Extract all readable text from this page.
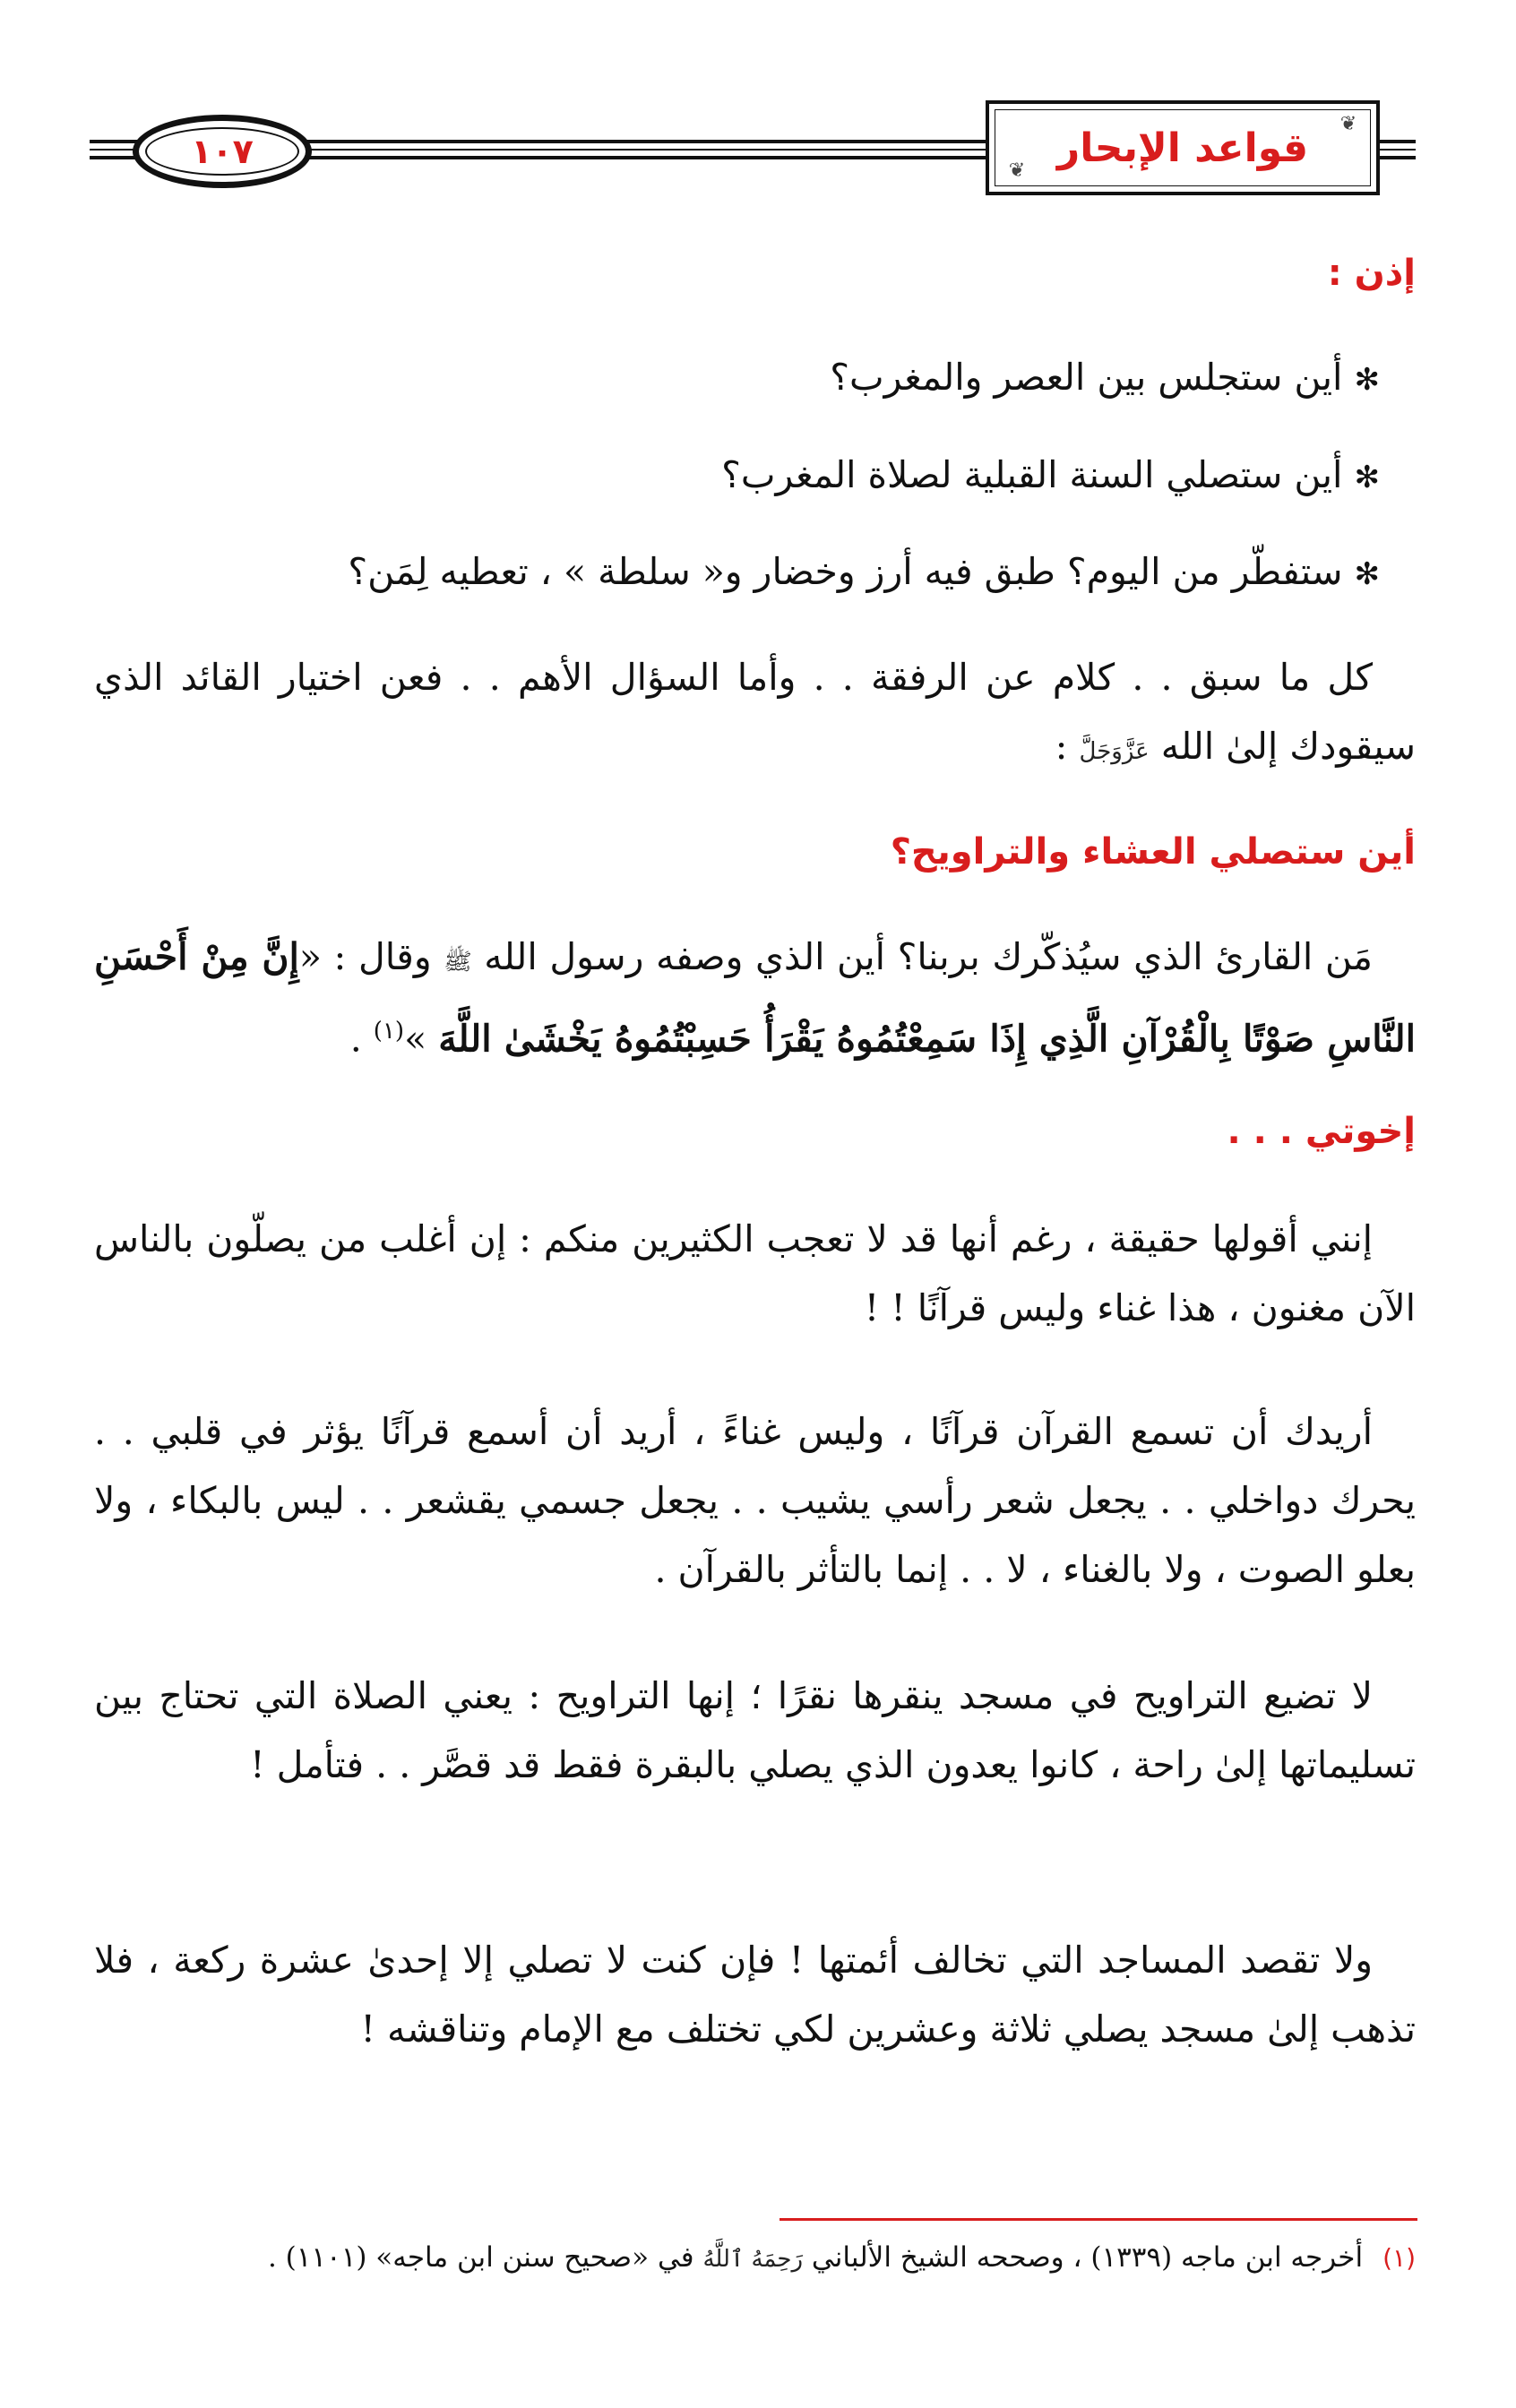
١٠٧
❦
❦ قواعد الإبحار
إذن :
✻ أين ستجلس بين العصر والمغرب؟
✻ أين ستصلي السنة القبلية لصلاة المغرب؟
✻ ستفطّر من اليوم؟ طبق فيه أرز وخضار و« سلطة » ، تعطيه لِمَن؟
كل ما سبق . . كلام عن الرفقة . . وأما السؤال الأهم . . فعن اختيار القائد الذي سيقودك إلىٰ الله عَزَّوَجَلَّ :
أين ستصلي العشاء والتراويح؟
مَن القارئ الذي سيُذكّرك بربنا؟ أين الذي وصفه رسول الله ﷺ وقال : «إِنَّ مِنْ أَحْسَنِ النَّاسِ صَوْتًا بِالْقُرْآنِ الَّذِي إِذَا سَمِعْتُمُوهُ يَقْرَأُ حَسِبْتُمُوهُ يَخْشَىٰ اللَّهَ »$^{(١)}$ .
إخوتي . . .
إنني أقولها حقيقة ، رغم أنها قد لا تعجب الكثيرين منكم : إن أغلب من يصلّون بالناس الآن مغنون ، هذا غناء وليس قرآنًا ! !
أريدك أن تسمع القرآن قرآنًا ، وليس غناءً ، أريد أن أسمع قرآنًا يؤثر في قلبي . . يحرك دواخلي . . يجعل شعر رأسي يشيب . . يجعل جسمي يقشعر . . ليس بالبكاء ، ولا بعلو الصوت ، ولا بالغناء ، لا . . إنما بالتأثر بالقرآن .
لا تضيع التراويح في مسجد ينقرها نقرًا ؛ إنها التراويح : يعني الصلاة التي تحتاج بين تسليماتها إلىٰ راحة ، كانوا يعدون الذي يصلي بالبقرة فقط قد قصَّر . . فتأمل !
ولا تقصد المساجد التي تخالف أئمتها ! فإن كنت لا تصلي إلا إحدىٰ عشرة ركعة ، فلا تذهب إلىٰ مسجد يصلي ثلاثة وعشرين لكي تختلف مع الإمام وتناقشه !
(١)أخرجه ابن ماجه (١٣٣٩) ، وصححه الشيخ الألباني رَحِمَهُ ٱللَّهُ في «صحيح سنن ابن ماجه» (١١٠١) .
